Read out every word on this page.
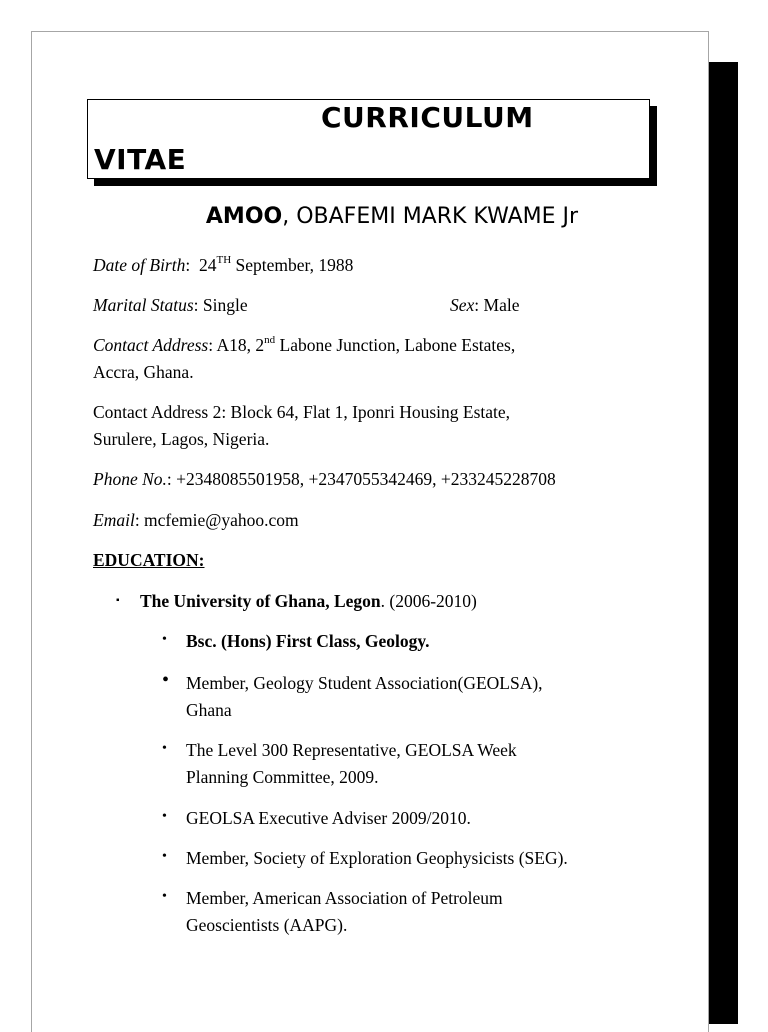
CURRICULUM
VITAE
AMOO, OBAFEMI MARK KWAME Jr
Date of Birth:  24TH September, 1988
Marital Status: Single	Sex: Male
Contact Address: A18, 2nd Labone Junction, Labone Estates,
Accra, Ghana.
Contact Address 2: Block 64, Flat 1, Iponri Housing Estate,
Surulere, Lagos, Nigeria.
Phone No.: +2348085501958, +2347055342469, +233245228708
Email: mcfemie@yahoo.com
EDUCATION:
▪ The University of Ghana, Legon. (2006-2010)
• Bsc. (Hons) First Class, Geology.
• Member, Geology Student Association(GEOLSA),
Ghana
• The Level 300 Representative, GEOLSA Week
Planning Committee, 2009.
• GEOLSA Executive Adviser 2009/2010.
• Member, Society of Exploration Geophysicists (SEG).
• Member, American Association of Petroleum
Geoscientists (AAPG).
